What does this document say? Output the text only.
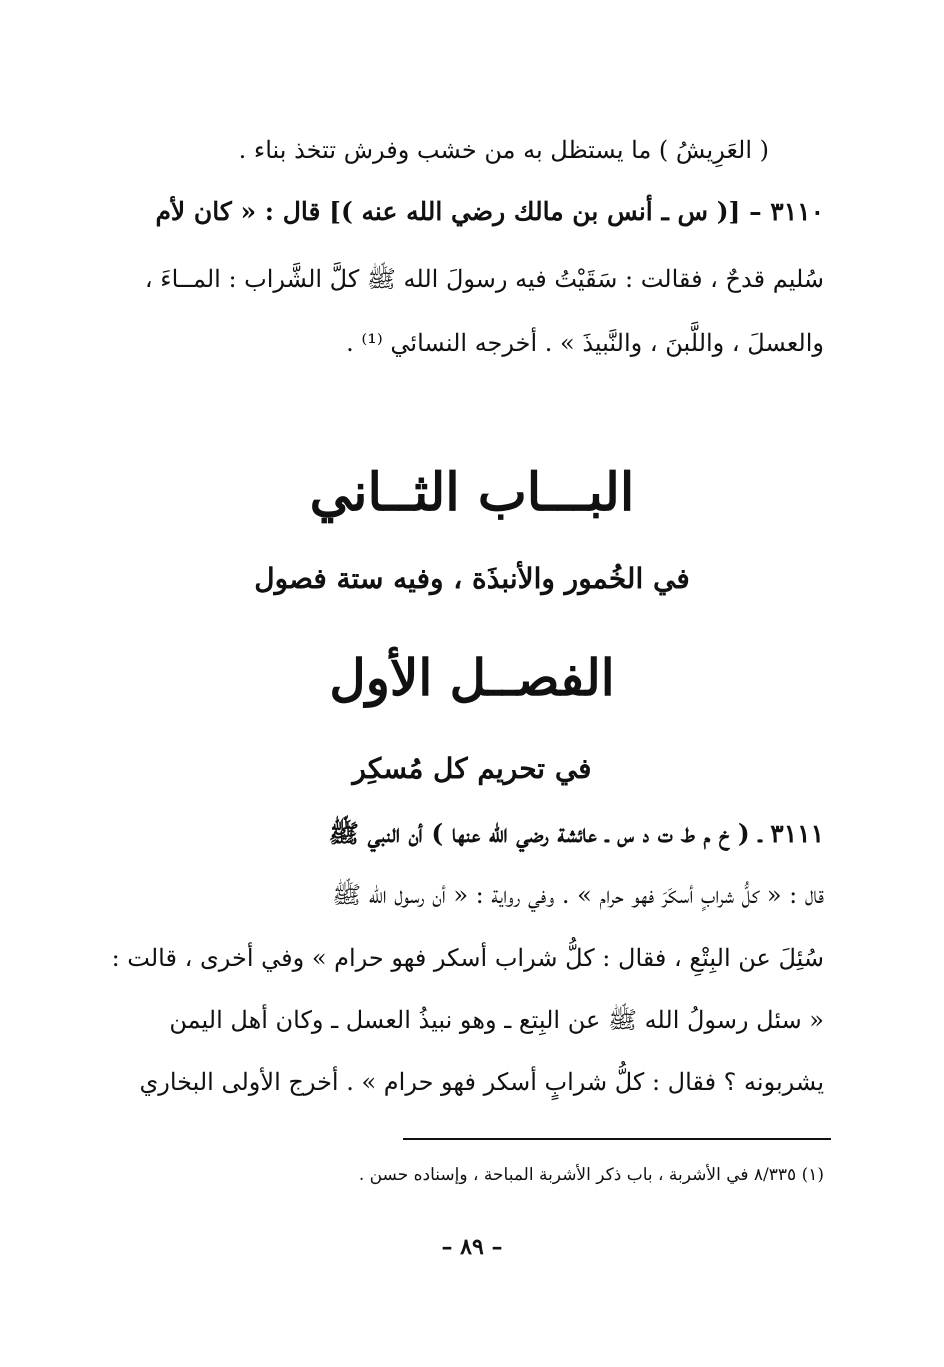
( العَرِيشُ ) ما يستظل به من خشب وفرش تتخذ بناء .
٣١١٠ – [( س ـ أنس بن مالك رضي الله عنه )] قال : « كان لأم
سُليم قدحٌ ، فقالت : سَقَيْتُ فيه رسولَ الله ﷺ كلَّ الشَّراب : المــاءَ ،
والعسلَ ، واللَّبنَ ، والنَّبيذَ » . أخرجه النسائي ⁽¹⁾ .
البـــاب الثــاني
في الخُمور والأنبذَة ، وفيه ستة فصول
الفصــل الأول
في تحريم كل مُسكِر
٣١١١ ـ ( خ م ط ت د س ـ عائشة رضي الله عنها ) أن النبي ﷺ
قال : « كلُّ شرابٍ أسكَرَ فهو حرام » . وفي رواية : « أن رسول الله ﷺ
سُئِلَ عن البِتْعِ ، فقال : كلُّ شراب أسكر فهو حرام » وفي أخرى ، قالت :
« سئل رسولُ الله ﷺ عن البِتع ـ وهو نبيذُ العسل ـ وكان أهل اليمن
يشربونه ؟ فقال : كلُّ شرابٍ أسكر فهو حرام » . أخرج الأولى البخاري
(١) ٨/٣٣٥ في الأشربة ، باب ذكر الأشربة المباحة ، وإسناده حسن .
– ٨٩ –
